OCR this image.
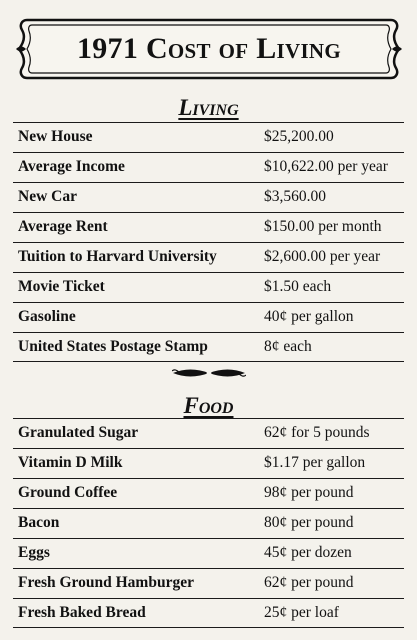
1971 Cost of Living
Living
New House	$25,200.00
Average Income	$10,622.00 per year
New Car	$3,560.00
Average Rent	$150.00 per month
Tuition to Harvard University	$2,600.00 per year
Movie Ticket	$1.50 each
Gasoline	40¢ per gallon
United States Postage Stamp	8¢ each
Food
Granulated Sugar	62¢ for 5 pounds
Vitamin D Milk	$1.17 per gallon
Ground Coffee	98¢ per pound
Bacon	80¢ per pound
Eggs	45¢ per dozen
Fresh Ground Hamburger	62¢ per pound
Fresh Baked Bread	25¢ per loaf
